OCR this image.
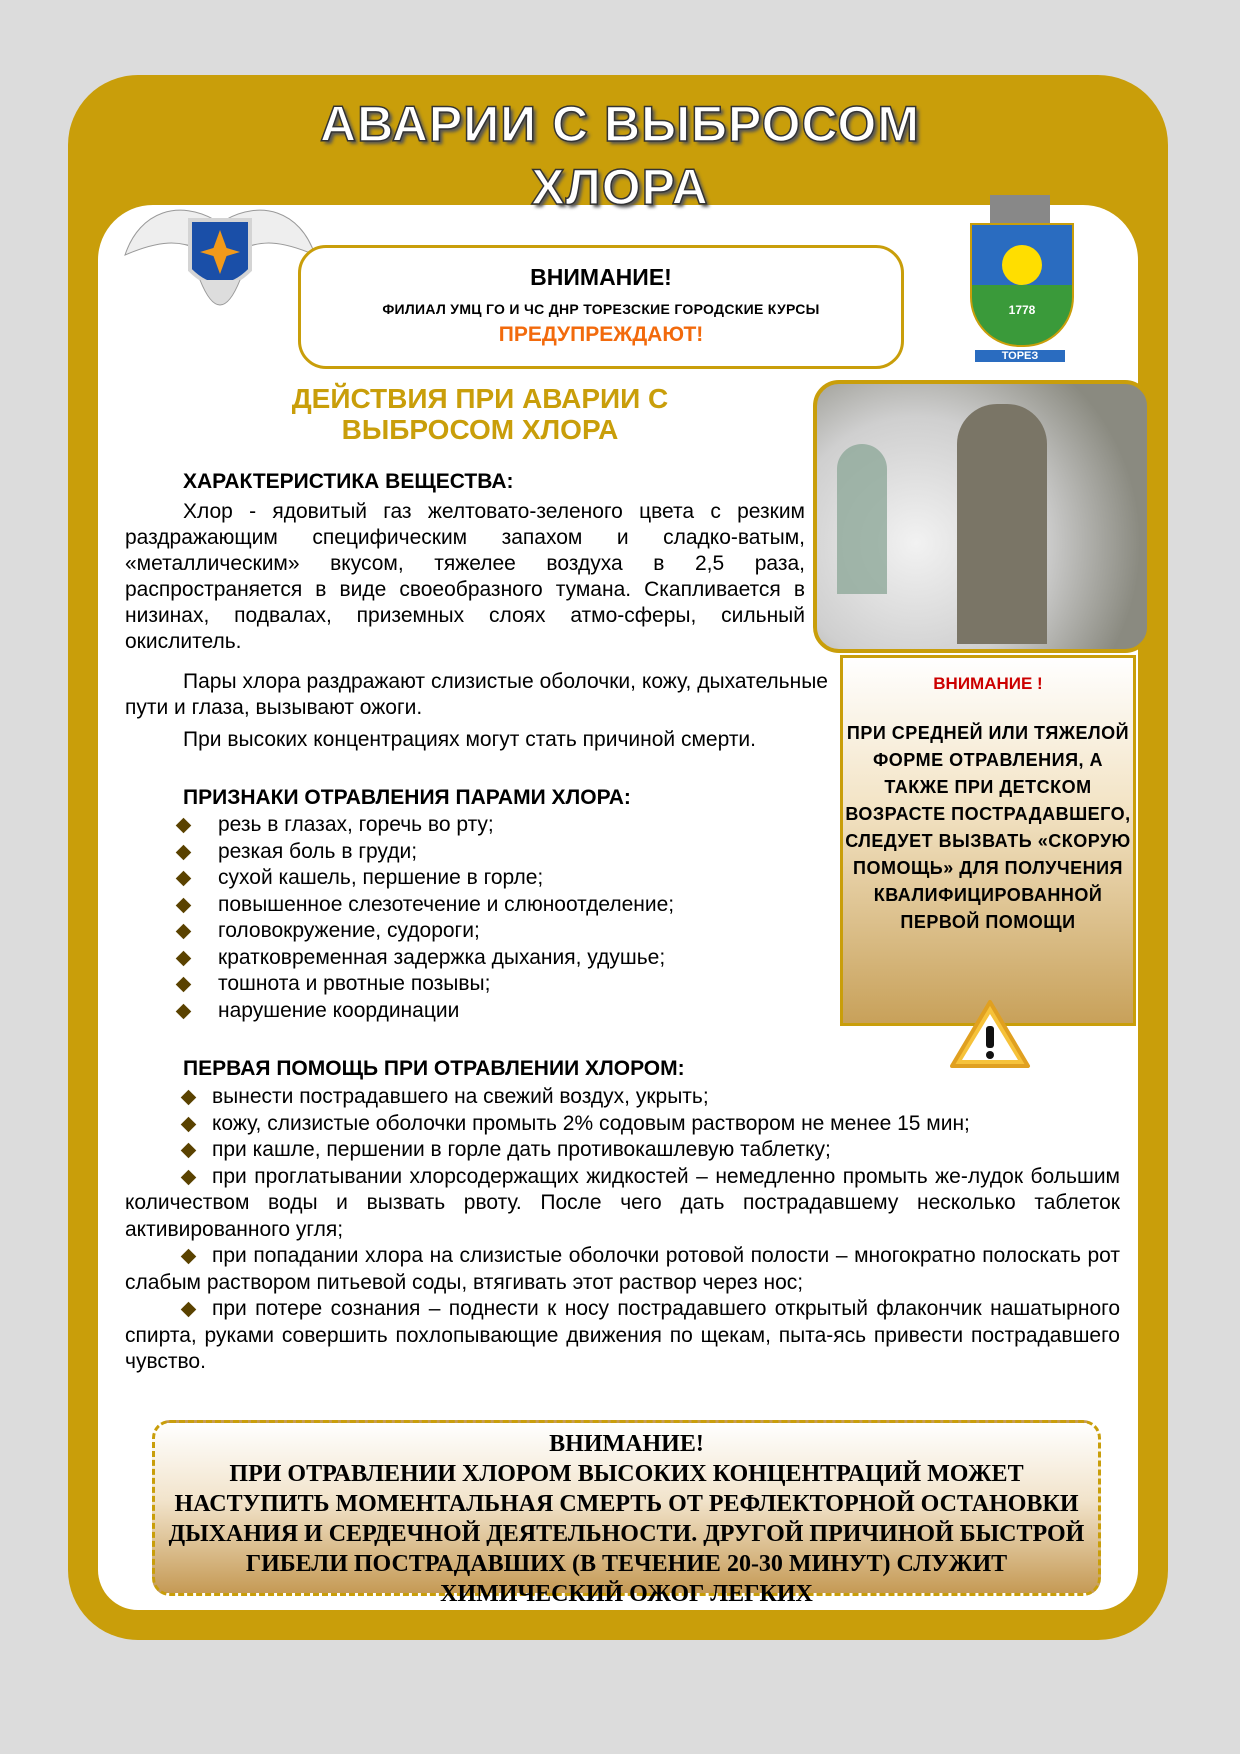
АВАРИИ С ВЫБРОСОМ
ХЛОРА
ВНИМАНИЕ!
ФИЛИАЛ УМЦ ГО И ЧС ДНР ТОРЕЗСКИЕ ГОРОДСКИЕ КУРСЫ
ПРЕДУПРЕЖДАЮТ!
1778
ТОРЕЗ
ДЕЙСТВИЯ ПРИ АВАРИИ С
ВЫБРОСОМ ХЛОРА
ХАРАКТЕРИСТИКА ВЕЩЕСТВА:
Хлор - ядовитый газ желтовато-зеленого цвета с резким раздражающим специфическим запахом и сладко-ватым, «металлическим» вкусом, тяжелее воздуха в 2,5 раза, распространяется в виде своеобразного тумана. Скапливается в низинах, подвалах, приземных слоях атмо-сферы, сильный окислитель.
Пары хлора раздражают слизистые оболочки, кожу, дыхательные пути и глаза, вызывают ожоги.
При высоких концентрациях могут стать причиной смерти.
ПРИЗНАКИ ОТРАВЛЕНИЯ ПАРАМИ ХЛОРА:
резь в глазах, горечь во рту;
резкая боль в груди;
сухой кашель, першение в горле;
повышенное слезотечение и слюноотделение;
головокружение, судороги;
кратковременная задержка дыхания, удушье;
тошнота и рвотные позывы;
нарушение координации
ВНИМАНИЕ !
ПРИ СРЕДНЕЙ ИЛИ ТЯЖЕЛОЙ ФОРМЕ ОТРАВЛЕНИЯ, А ТАКЖЕ ПРИ ДЕТСКОМ ВОЗРАСТЕ ПОСТРАДАВШЕГО, СЛЕДУЕТ ВЫЗВАТЬ «СКОРУЮ ПОМОЩЬ» ДЛЯ ПОЛУЧЕНИЯ КВАЛИФИЦИРОВАННОЙ ПЕРВОЙ ПОМОЩИ
ПЕРВАЯ ПОМОЩЬ ПРИ ОТРАВЛЕНИИ ХЛОРОМ:
вынести пострадавшего на свежий воздух, укрыть;
кожу, слизистые оболочки промыть 2% содовым раствором не менее 15 мин;
при кашле, першении в горле дать противокашлевую таблетку;
при проглатывании хлорсодержащих жидкостей – немедленно промыть же-лудок большим количеством воды и вызвать рвоту. После чего дать пострадавшему несколько таблеток активированного угля;
при попадании хлора на слизистые оболочки ротовой полости – многократно полоскать рот слабым раствором питьевой соды, втягивать этот раствор через нос;
при потере сознания – поднести к носу пострадавшего открытый флакончик нашатырного спирта, руками совершить похлопывающие движения по щекам, пыта-ясь привести пострадавшего чувство.
ВНИМАНИЕ!
ПРИ ОТРАВЛЕНИИ ХЛОРОМ ВЫСОКИХ КОНЦЕНТРАЦИЙ МОЖЕТ НАСТУПИТЬ МОМЕНТАЛЬНАЯ СМЕРТЬ ОТ РЕФЛЕКТОРНОЙ ОСТАНОВКИ ДЫХАНИЯ И СЕРДЕЧНОЙ ДЕЯТЕЛЬНОСТИ. ДРУГОЙ ПРИЧИНОЙ БЫСТРОЙ ГИБЕЛИ ПОСТРАДАВШИХ (В ТЕЧЕНИЕ 20-30 МИНУТ) СЛУЖИТ ХИМИЧЕСКИЙ ОЖОГ ЛЕГКИХ
